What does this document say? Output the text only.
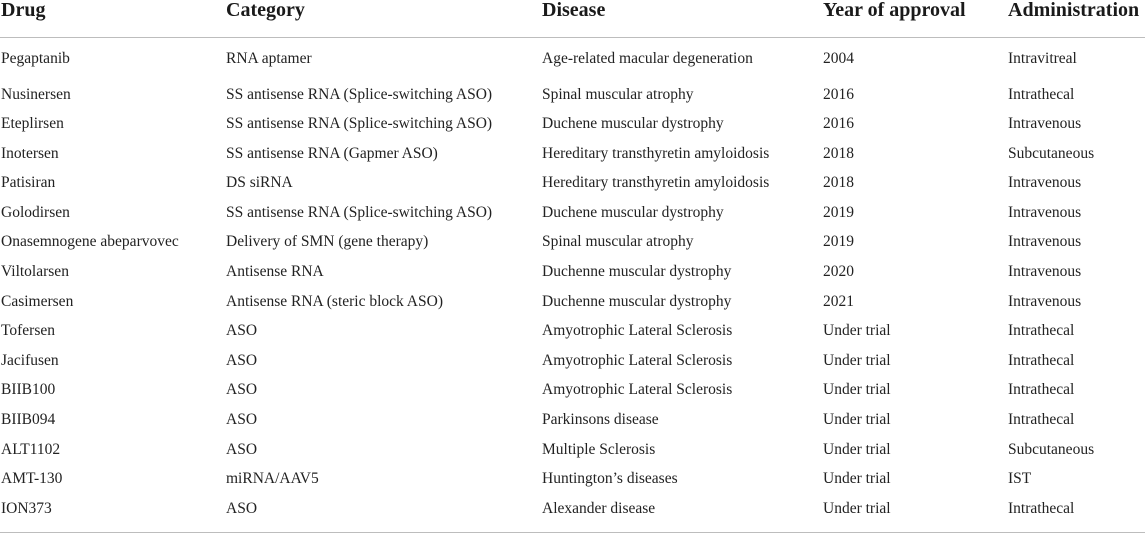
Drug	Category	Disease	Year of approval	Administration
Pegaptanib	RNA aptamer	Age-related macular degeneration	2004	Intravitreal
Nusinersen	SS antisense RNA (Splice-switching ASO)	Spinal muscular atrophy	2016	Intrathecal
Eteplirsen	SS antisense RNA (Splice-switching ASO)	Duchene muscular dystrophy	2016	Intravenous
Inotersen	SS antisense RNA (Gapmer ASO)	Hereditary transthyretin amyloidosis	2018	Subcutaneous
Patisiran	DS siRNA	Hereditary transthyretin amyloidosis	2018	Intravenous
Golodirsen	SS antisense RNA (Splice-switching ASO)	Duchene muscular dystrophy	2019	Intravenous
Onasemnogene abeparvovec	Delivery of SMN (gene therapy)	Spinal muscular atrophy	2019	Intravenous
Viltolarsen	Antisense RNA	Duchenne muscular dystrophy	2020	Intravenous
Casimersen	Antisense RNA (steric block ASO)	Duchenne muscular dystrophy	2021	Intravenous
Tofersen	ASO	Amyotrophic Lateral Sclerosis	Under trial	Intrathecal
Jacifusen	ASO	Amyotrophic Lateral Sclerosis	Under trial	Intrathecal
BIIB100	ASO	Amyotrophic Lateral Sclerosis	Under trial	Intrathecal
BIIB094	ASO	Parkinsons disease	Under trial	Intrathecal
ALT1102	ASO	Multiple Sclerosis	Under trial	Subcutaneous
AMT-130	miRNA/AAV5	Huntington’s diseases	Under trial	IST
ION373	ASO	Alexander disease	Under trial	Intrathecal
